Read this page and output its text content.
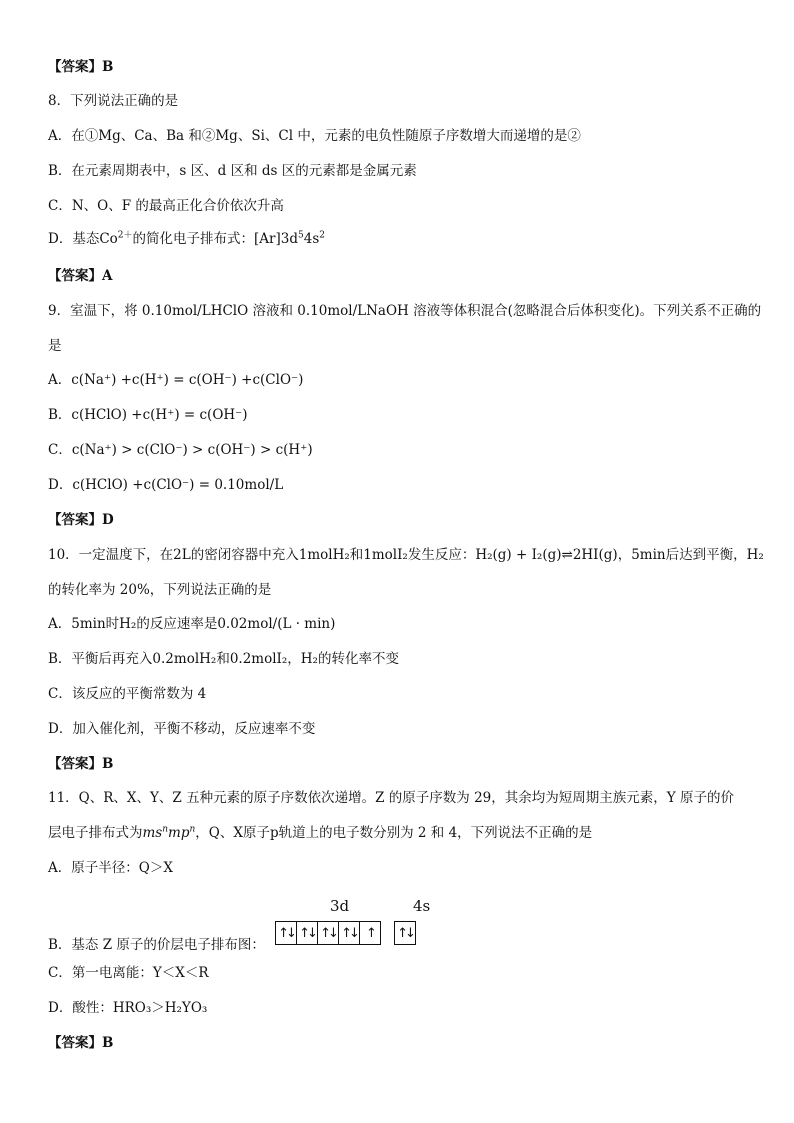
【答案】B
8．下列说法正确的是
A．在①Mg、Ca、Ba 和②Mg、Si、Cl 中，元素的电负性随原子序数增大而递增的是②
B．在元素周期表中，s 区、d 区和 ds 区的元素都是金属元素
C．N、O、F 的最高正化合价依次升高
D．基态$Co^{2+}$的简化电子排布式：$[Ar]3d^54s^2$
【答案】A
9．室温下，将 0.10mol/LHClO 溶液和 0.10mol/LNaOH 溶液等体积混合(忽略混合后体积变化)。下列关系不正确的
是
A．c(Na⁺) +c(H⁺) = c(OH⁻) +c(ClO⁻)
B．c(HClO) +c(H⁺) = c(OH⁻)
C．c(Na⁺) > c(ClO⁻) > c(OH⁻) > c(H⁺)
D．c(HClO) +c(ClO⁻) = 0.10mol/L
【答案】D
10．一定温度下，在2L的密闭容器中充入1molH₂和1molI₂发生反应：H₂(g) + I₂(g)⇌2HI(g)，5min后达到平衡，H₂
的转化率为 20%，下列说法正确的是
A．5min时H₂的反应速率是0.02mol/(L · min)
B．平衡后再充入0.2molH₂和0.2molI₂，H₂的转化率不变
C．该反应的平衡常数为 4
D．加入催化剂，平衡不移动，反应速率不变
【答案】B
11．Q、R、X、Y、Z 五种元素的原子序数依次递增。Z 的原子序数为 29，其余均为短周期主族元素，Y 原子的价
层电子排布式为$ms^nmp^n$，Q、X原子p轨道上的电子数分别为 2 和 4，下列说法不正确的是
A．原子半径：Q＞X
B．基态 Z 原子的价层电子排布图：
3d	4s
↑↓ ↑↓ ↑↓ ↑↓ ↑	↑↓
C．第一电离能：Y＜X＜R
D．酸性：HRO₃＞H₂YO₃
【答案】B
